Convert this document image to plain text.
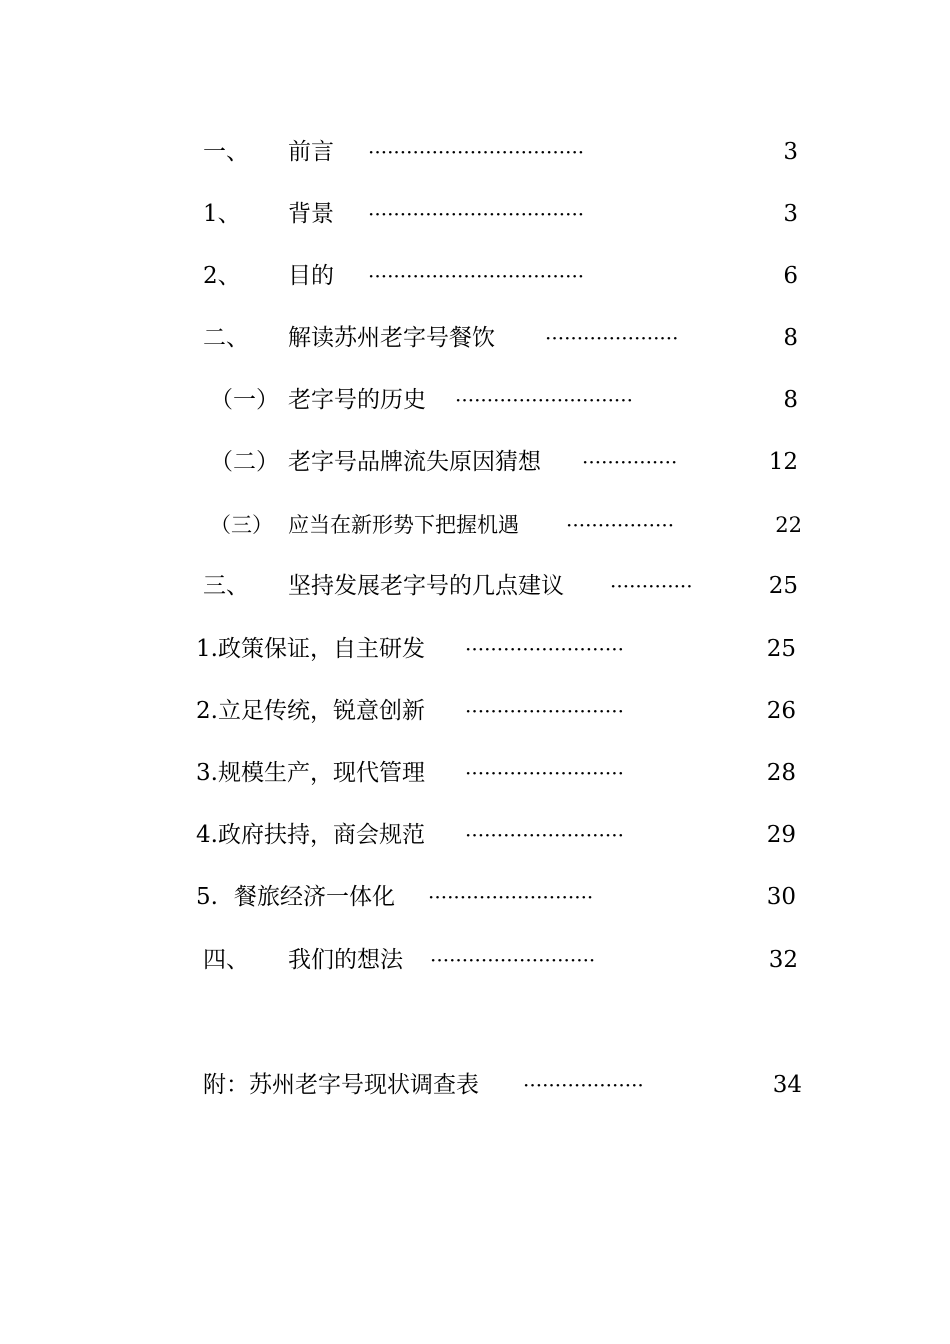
一、 前言 ··································	3
1、 背景 ··································	3
2、 目的 ··································	6
二、 解读苏州老字号餐饮	·····················	8
（一） 老字号的历史 ····························	8
（二） 老字号品牌流失原因猜想 ···············	12
（三） 应当在新形势下把握机遇 ·················	22
三、 坚持发展老字号的几点建议 ·············	25
1.政策保证，自主研发 ·························	25
2.立足传统，锐意创新 ·························	26
3.规模生产，现代管理 ·························	28
4.政府扶持，商会规范 ·························	29
5. 餐旅经济一体化 ··························	30
四、 我们的想法 ··························	32
附：苏州老字号现状调查表 ···················	34
